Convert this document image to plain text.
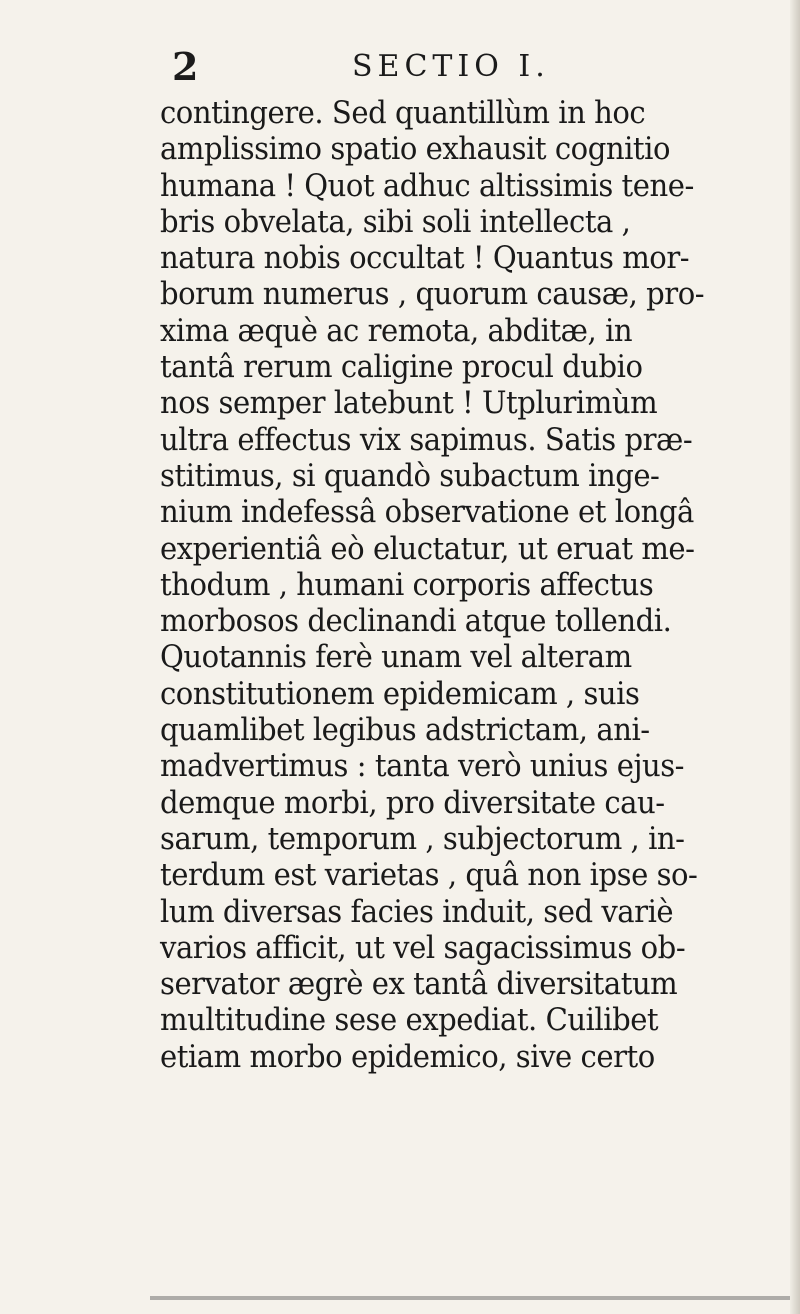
2	SECTIO I.
contingere. Sed quantillùm in hoc
amplissimo spatio exhausit cognitio
humana ! Quot adhuc altissimis tene-
bris obvelata, sibi soli intellecta ,
natura nobis occultat ! Quantus mor-
borum numerus , quorum causæ, pro-
xima æquè ac remota, abditæ, in
tantâ rerum caligine procul dubio
nos semper latebunt ! Utplurimùm
ultra effectus vix sapimus. Satis præ-
stitimus, si quandò subactum inge-
nium indefessâ observatione et longâ
experientiâ eò eluctatur, ut eruat me-
thodum , humani corporis affectus
morbosos declinandi atque tollendi.
Quotannis ferè unam vel alteram
constitutionem epidemicam , suis
quamlibet legibus adstrictam, ani-
madvertimus : tanta verò unius ejus-
demque morbi, pro diversitate cau-
sarum, temporum , subjectorum , in-
terdum est varietas , quâ non ipse so-
lum diversas facies induit, sed variè
varios afficit, ut vel sagacissimus ob-
servator ægrè ex tantâ diversitatum
multitudine sese expediat. Cuilibet
etiam morbo epidemico, sive certo
